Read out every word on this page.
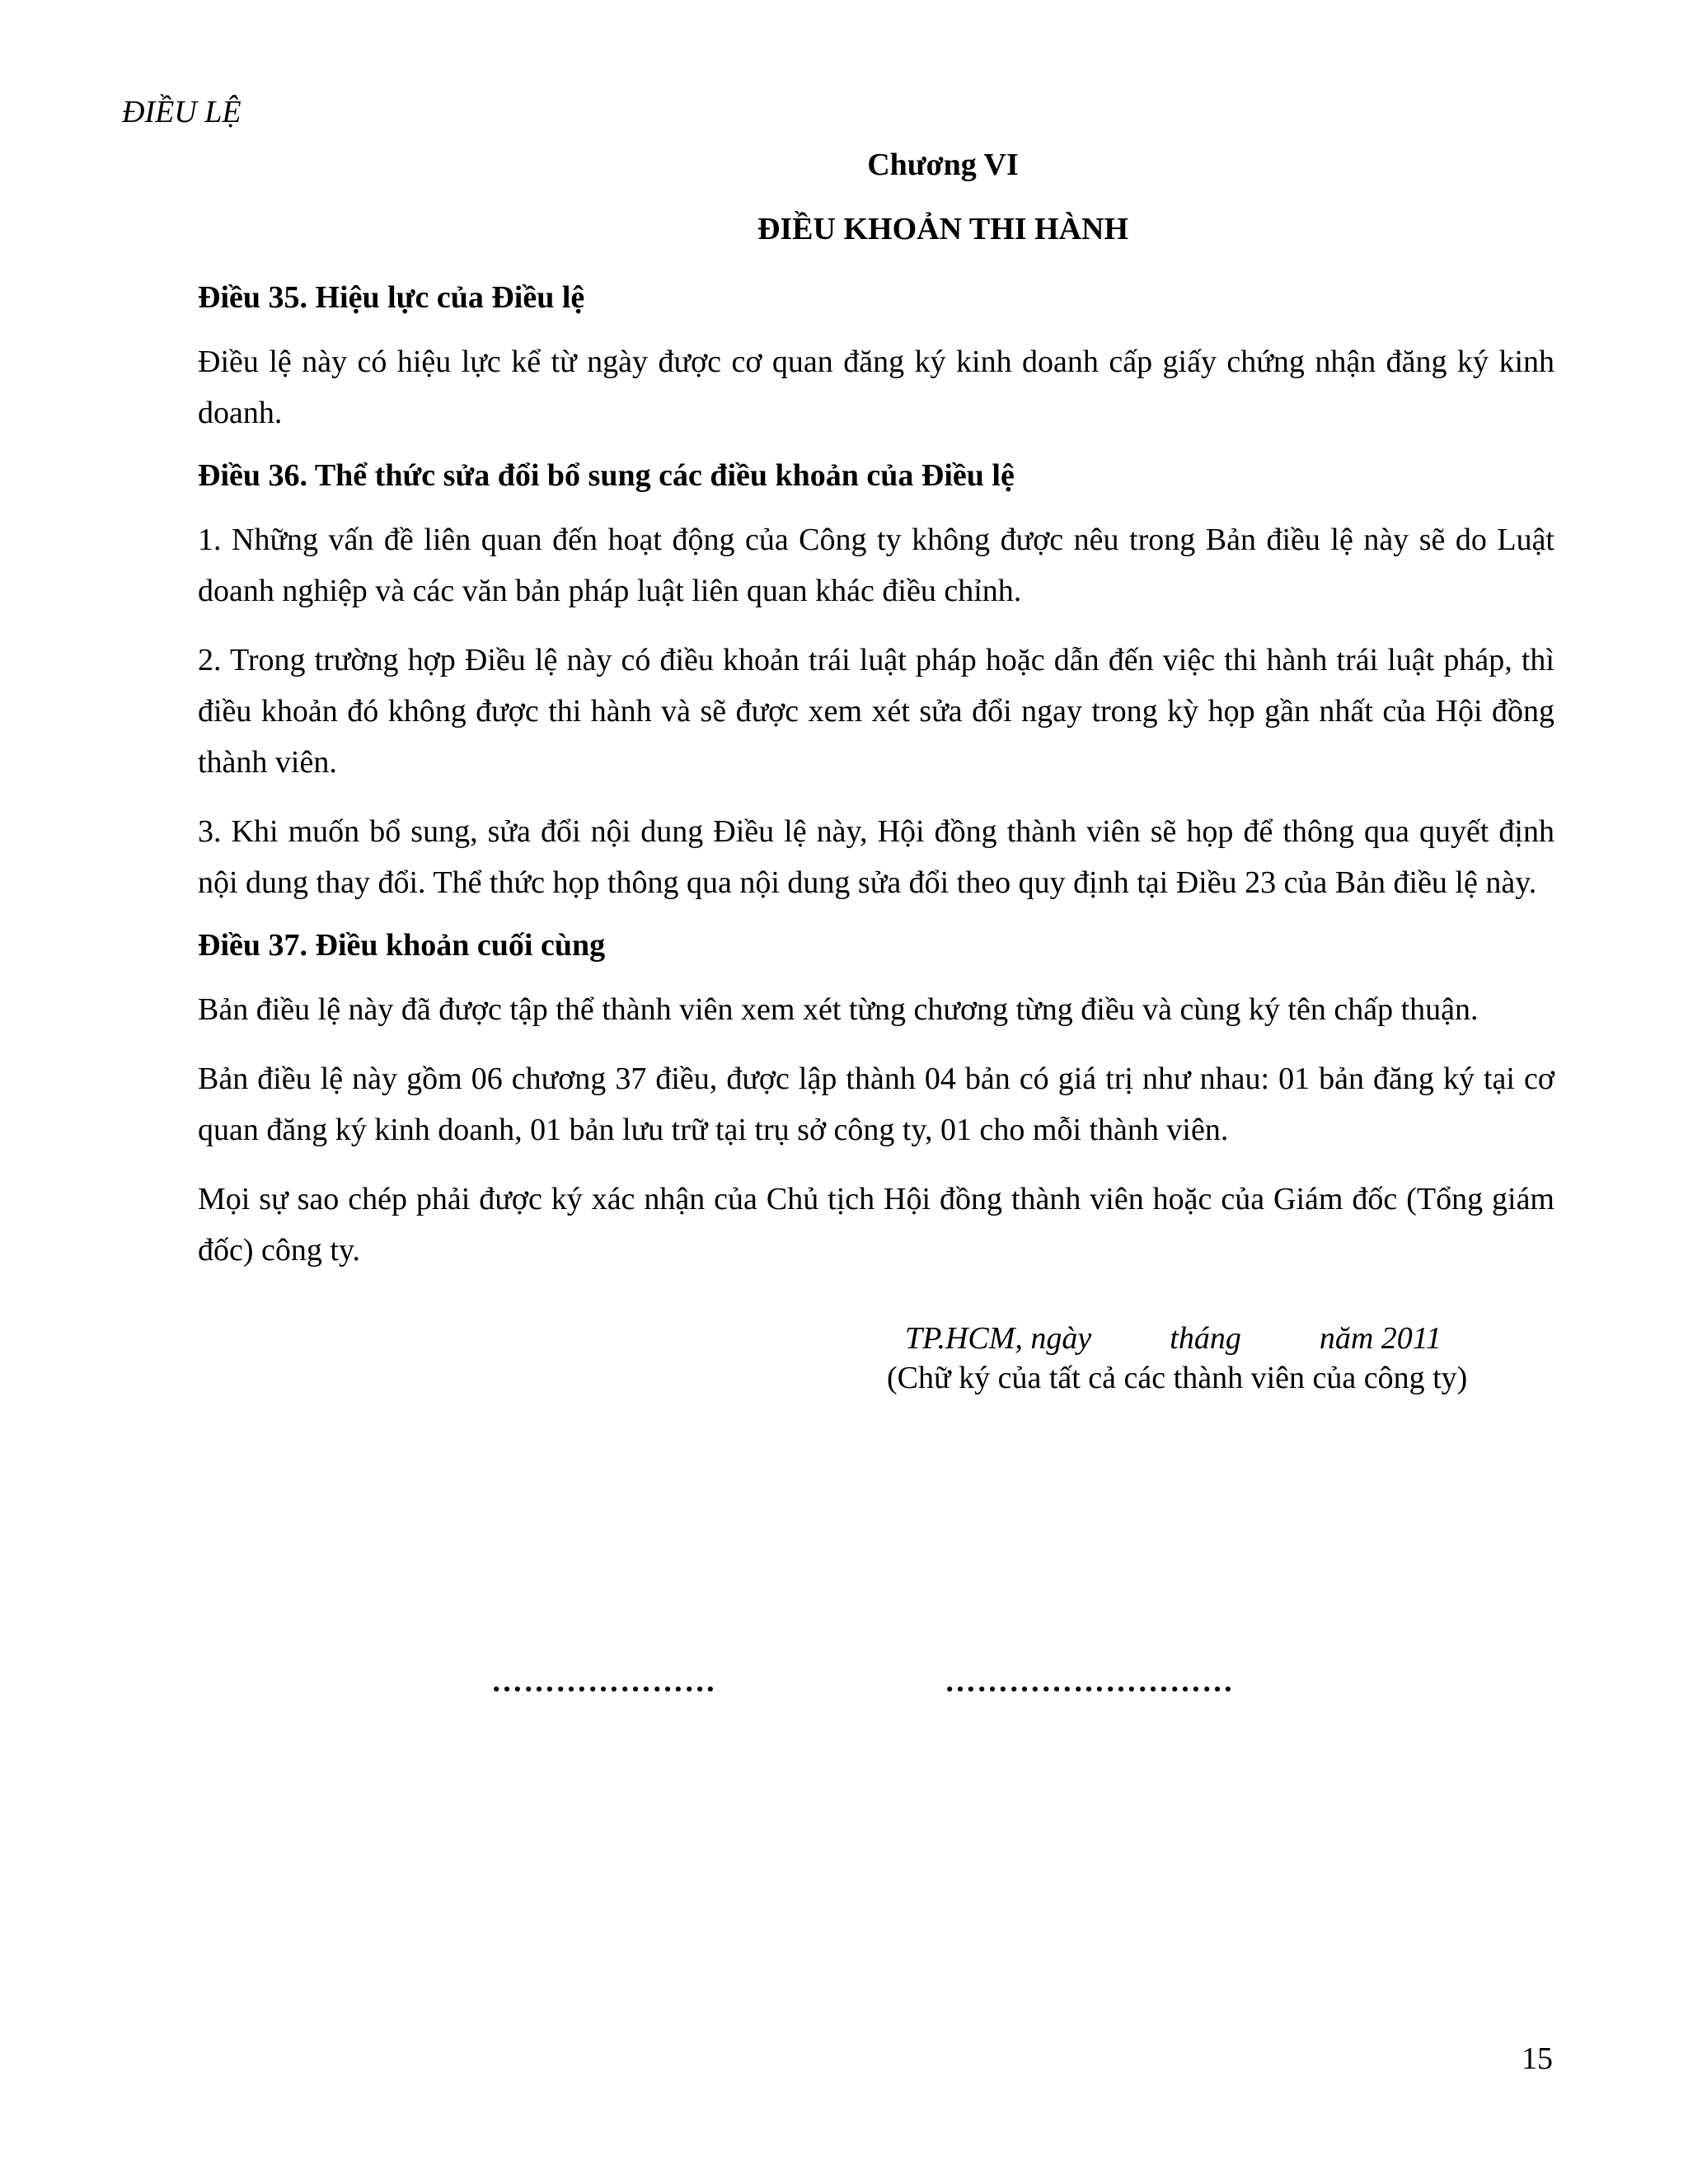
ĐIỀU LỆ
Chương VI
ĐIỀU KHOẢN THI HÀNH
Điều 35. Hiệu lực của Điều lệ

Điều lệ này có hiệu lực kể từ ngày được cơ quan đăng ký kinh doanh cấp giấy chứng nhận đăng ký kinh doanh.

Điều 36. Thể thức sửa đổi bổ sung các điều khoản của Điều lệ

1. Những vấn đề liên quan đến hoạt động của Công ty không được nêu trong Bản điều lệ này sẽ do Luật doanh nghiệp và các văn bản pháp luật liên quan khác điều chỉnh.

2. Trong trường hợp Điều lệ này có điều khoản trái luật pháp hoặc dẫn đến việc thi hành trái luật pháp, thì điều khoản đó không được thi hành và sẽ được xem xét sửa đổi ngay trong kỳ họp gần nhất của Hội đồng thành viên.

3. Khi muốn bổ sung, sửa đổi nội dung Điều lệ này, Hội đồng thành viên sẽ họp để thông qua quyết định nội dung thay đổi. Thể thức họp thông qua nội dung sửa đổi theo quy định tại Điều 23 của Bản điều lệ này.

Điều 37. Điều khoản cuối cùng

Bản điều lệ này đã được tập thể thành viên xem xét từng chương từng điều và cùng ký tên chấp thuận.

Bản điều lệ này gồm 06 chương 37 điều, được lập thành 04 bản có giá trị như nhau: 01 bản đăng ký tại cơ quan đăng ký kinh doanh, 01 bản lưu trữ tại trụ sở công ty, 01 cho mỗi thành viên.

Mọi sự sao chép phải được ký xác nhận của Chủ tịch Hội đồng thành viên hoặc của Giám đốc (Tổng giám đốc) công ty.

TP.HCM, ngày          tháng          năm 2011
(Chữ ký của tất cả các thành viên của công ty)
…………………	………………………
15
